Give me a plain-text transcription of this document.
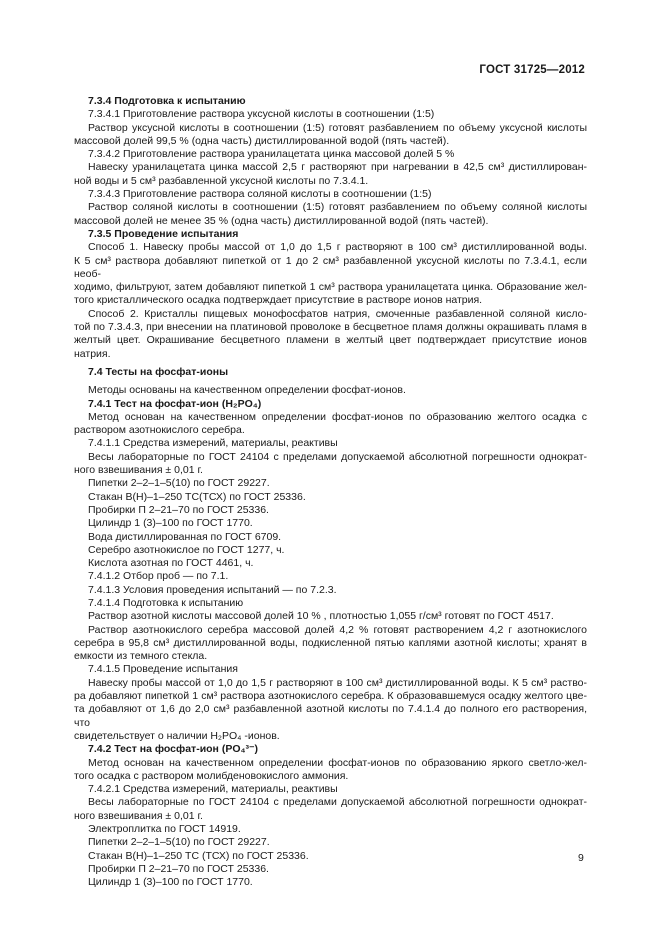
ГОСТ 31725—2012
7.3.4 Подготовка к испытанию
7.3.4.1 Приготовление раствора уксусной кислоты в соотношении (1:5)
Раствор уксусной кислоты в соотношении (1:5) готовят разбавлением по объему уксусной кислоты
массовой долей 99,5 % (одна часть) дистиллированной водой (пять частей).
7.3.4.2 Приготовление раствора уранилацетата цинка массовой долей 5 %
Навеску уранилацетата цинка массой 2,5 г растворяют при нагревании в 42,5 см³ дистиллирован-
ной воды и 5 см³ разбавленной уксусной кислоты по 7.3.4.1.
7.3.4.3 Приготовление раствора соляной кислоты в соотношении (1:5)
Раствор соляной кислоты в соотношении (1:5) готовят разбавлением по объему соляной кислоты
массовой долей не менее 35 % (одна часть) дистиллированной водой (пять частей).
7.3.5 Проведение испытания
Способ 1. Навеску пробы массой от 1,0 до 1,5 г растворяют в 100 см³ дистиллированной воды.
К 5 см³ раствора добавляют пипеткой от 1 до 2 см³ разбавленной уксусной кислоты по 7.3.4.1, если необ-
ходимо, фильтруют, затем добавляют пипеткой 1 см³ раствора уранилацетата цинка. Образование жел-
того кристаллического осадка подтверждает присутствие в растворе ионов натрия.
Способ 2. Кристаллы пищевых монофосфатов натрия, смоченные разбавленной соляной кисло-
той по 7.3.4.3, при внесении на платиновой проволоке в бесцветное пламя должны окрашивать пламя в
желтый цвет. Окрашивание бесцветного пламени в желтый цвет подтверждает присутствие ионов
натрия.
7.4 Тесты на фосфат-ионы
Методы основаны на качественном определении фосфат-ионов.
7.4.1 Тест на фосфат-ион (H₂PO₄)
Метод основан на качественном определении фосфат-ионов по образованию желтого осадка с
раствором азотнокислого серебра.
7.4.1.1 Средства измерений, материалы, реактивы
Весы лабораторные по ГОСТ 24104 с пределами допускаемой абсолютной погрешности однократ-
ного взвешивания ± 0,01 г.
Пипетки 2–2–1–5(10) по ГОСТ 29227.
Стакан В(Н)–1–250 ТС(ТСХ) по ГОСТ 25336.
Пробирки П 2–21–70 по ГОСТ 25336.
Цилиндр 1 (3)–100 по ГОСТ 1770.
Вода дистиллированная по ГОСТ 6709.
Серебро азотнокислое по ГОСТ 1277, ч.
Кислота азотная по ГОСТ 4461, ч.
7.4.1.2 Отбор проб — по 7.1.
7.4.1.3 Условия проведения испытаний — по 7.2.3.
7.4.1.4 Подготовка к испытанию
Раствор азотной кислоты массовой долей 10 % , плотностью 1,055 г/см³ готовят по ГОСТ 4517.
Раствор азотнокислого серебра массовой долей 4,2 % готовят растворением 4,2 г азотнокислого
серебра в 95,8 см³ дистиллированной воды, подкисленной пятью каплями азотной кислоты; хранят в
емкости из темного стекла.
7.4.1.5 Проведение испытания
Навеску пробы массой от 1,0 до 1,5 г растворяют в 100 см³ дистиллированной воды. К 5 см³ раство-
ра добавляют пипеткой 1 см³ раствора азотнокислого серебра. К образовавшемуся осадку желтого цве-
та добавляют от 1,6 до 2,0 см³ разбавленной азотной кислоты по 7.4.1.4 до полного его растворения, что
свидетельствует о наличии H₂PO₄ -ионов.
7.4.2 Тест на фосфат-ион (PO₄³⁻)
Метод основан на качественном определении фосфат-ионов по образованию яркого светло-жел-
того осадка с раствором молибденовокислого аммония.
7.4.2.1 Средства измерений, материалы, реактивы
Весы лабораторные по ГОСТ 24104 с пределами допускаемой абсолютной погрешности однократ-
ного взвешивания ± 0,01 г.
Электроплитка по ГОСТ 14919.
Пипетки 2–2–1–5(10) по ГОСТ 29227.
Стакан В(Н)–1–250 ТС (ТСХ) по ГОСТ 25336.
Пробирки П 2–21–70 по ГОСТ 25336.
Цилиндр 1 (3)–100 по ГОСТ 1770.
9
